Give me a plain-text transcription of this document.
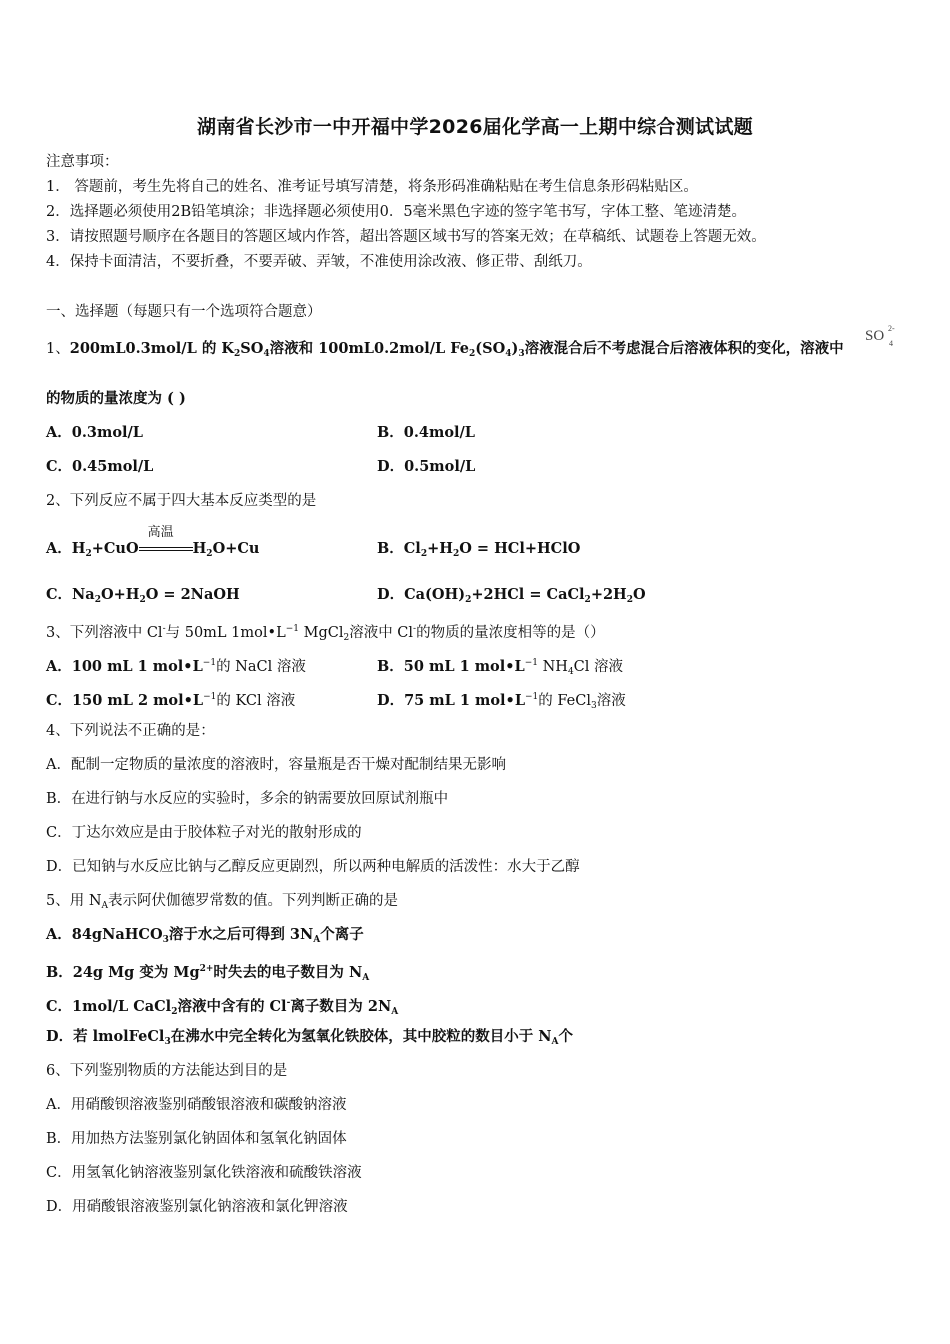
湖南省长沙市一中开福中学2026届化学高一上期中综合测试试题
注意事项：
1． 答题前，考生先将自己的姓名、准考证号填写清楚，将条形码准确粘贴在考生信息条形码粘贴区。
2．选择题必须使用2B铅笔填涂；非选择题必须使用0．5毫米黑色字迹的签字笔书写，字体工整、笔迹清楚。
3．请按照题号顺序在各题目的答题区域内作答，超出答题区域书写的答案无效；在草稿纸、试题卷上答题无效。
4．保持卡面清洁，不要折叠，不要弄破、弄皱，不准使用涂改液、修正带、刮纸刀。
一、选择题（每题只有一个选项符合题意）
1、200mL0.3mol/L 的 $K_2SO_4$溶液和 100mL0.2mol/L $Fe_2(SO_4)_3$溶液混合后不考虑混合后溶液体积的变化，溶液中
SO 2-
4
的物质的量浓度为 ( )
A．0.3mol/L	B．0.4mol/L
C．0.45mol/L	D．0.5mol/L
2、下列反应不属于四大基本反应类型的是
A．$H_2+CuO$
高温
$H_2O+Cu$	B．$Cl_2+H_2O$ = HCl+HClO
C．$Na_2O+H_2O$ = 2NaOH	D．$Ca(OH)_2+2HCl$ = $CaCl_2+2H_2O$
3、下列溶液中 Cl-与 50mL $1mol•L^{-1}$ MgCl$_2$溶液中 Cl-的物质的量浓度相等的是（）
A．100 mL 1 $mol•L^{-1}$的 NaCl 溶液	B．50 mL 1 $mol•L^{-1}$ $NH_4Cl$ 溶液
C．150 mL 2 $mol•L^{-1}$的 KCl 溶液	D．75 mL 1 $mol•L^{-1}$的 FeCl$_3$溶液
4、下列说法不正确的是：
A．配制一定物质的量浓度的溶液时，容量瓶是否干燥对配制结果无影响
B．在进行钠与水反应的实验时，多余的钠需要放回原试剂瓶中
C．丁达尔效应是由于胶体粒子对光的散射形成的
D．已知钠与水反应比钠与乙醇反应更剧烈，所以两种电解质的活泼性：水大于乙醇
5、用 $N_A$表示阿伏伽德罗常数的值。下列判断正确的是
A．84gNaHCO$_3$溶于水之后可得到 $3N_A$个离子
B．24g Mg 变为 $Mg^{2+}$时失去的电子数目为 $N_A$
C．1mol/L CaCl$_2$溶液中含有的 Cl-离子数目为 $2N_A$
D．若 lmolFeCl$_3$在沸水中完全转化为氢氧化铁胶体，其中胶粒的数目小于 $N_A$个
6、下列鉴别物质的方法能达到目的是
A．用硝酸钡溶液鉴别硝酸银溶液和碳酸钠溶液
B．用加热方法鉴别氯化钠固体和氢氧化钠固体
C．用氢氧化钠溶液鉴别氯化铁溶液和硫酸铁溶液
D．用硝酸银溶液鉴别氯化钠溶液和氯化钾溶液
